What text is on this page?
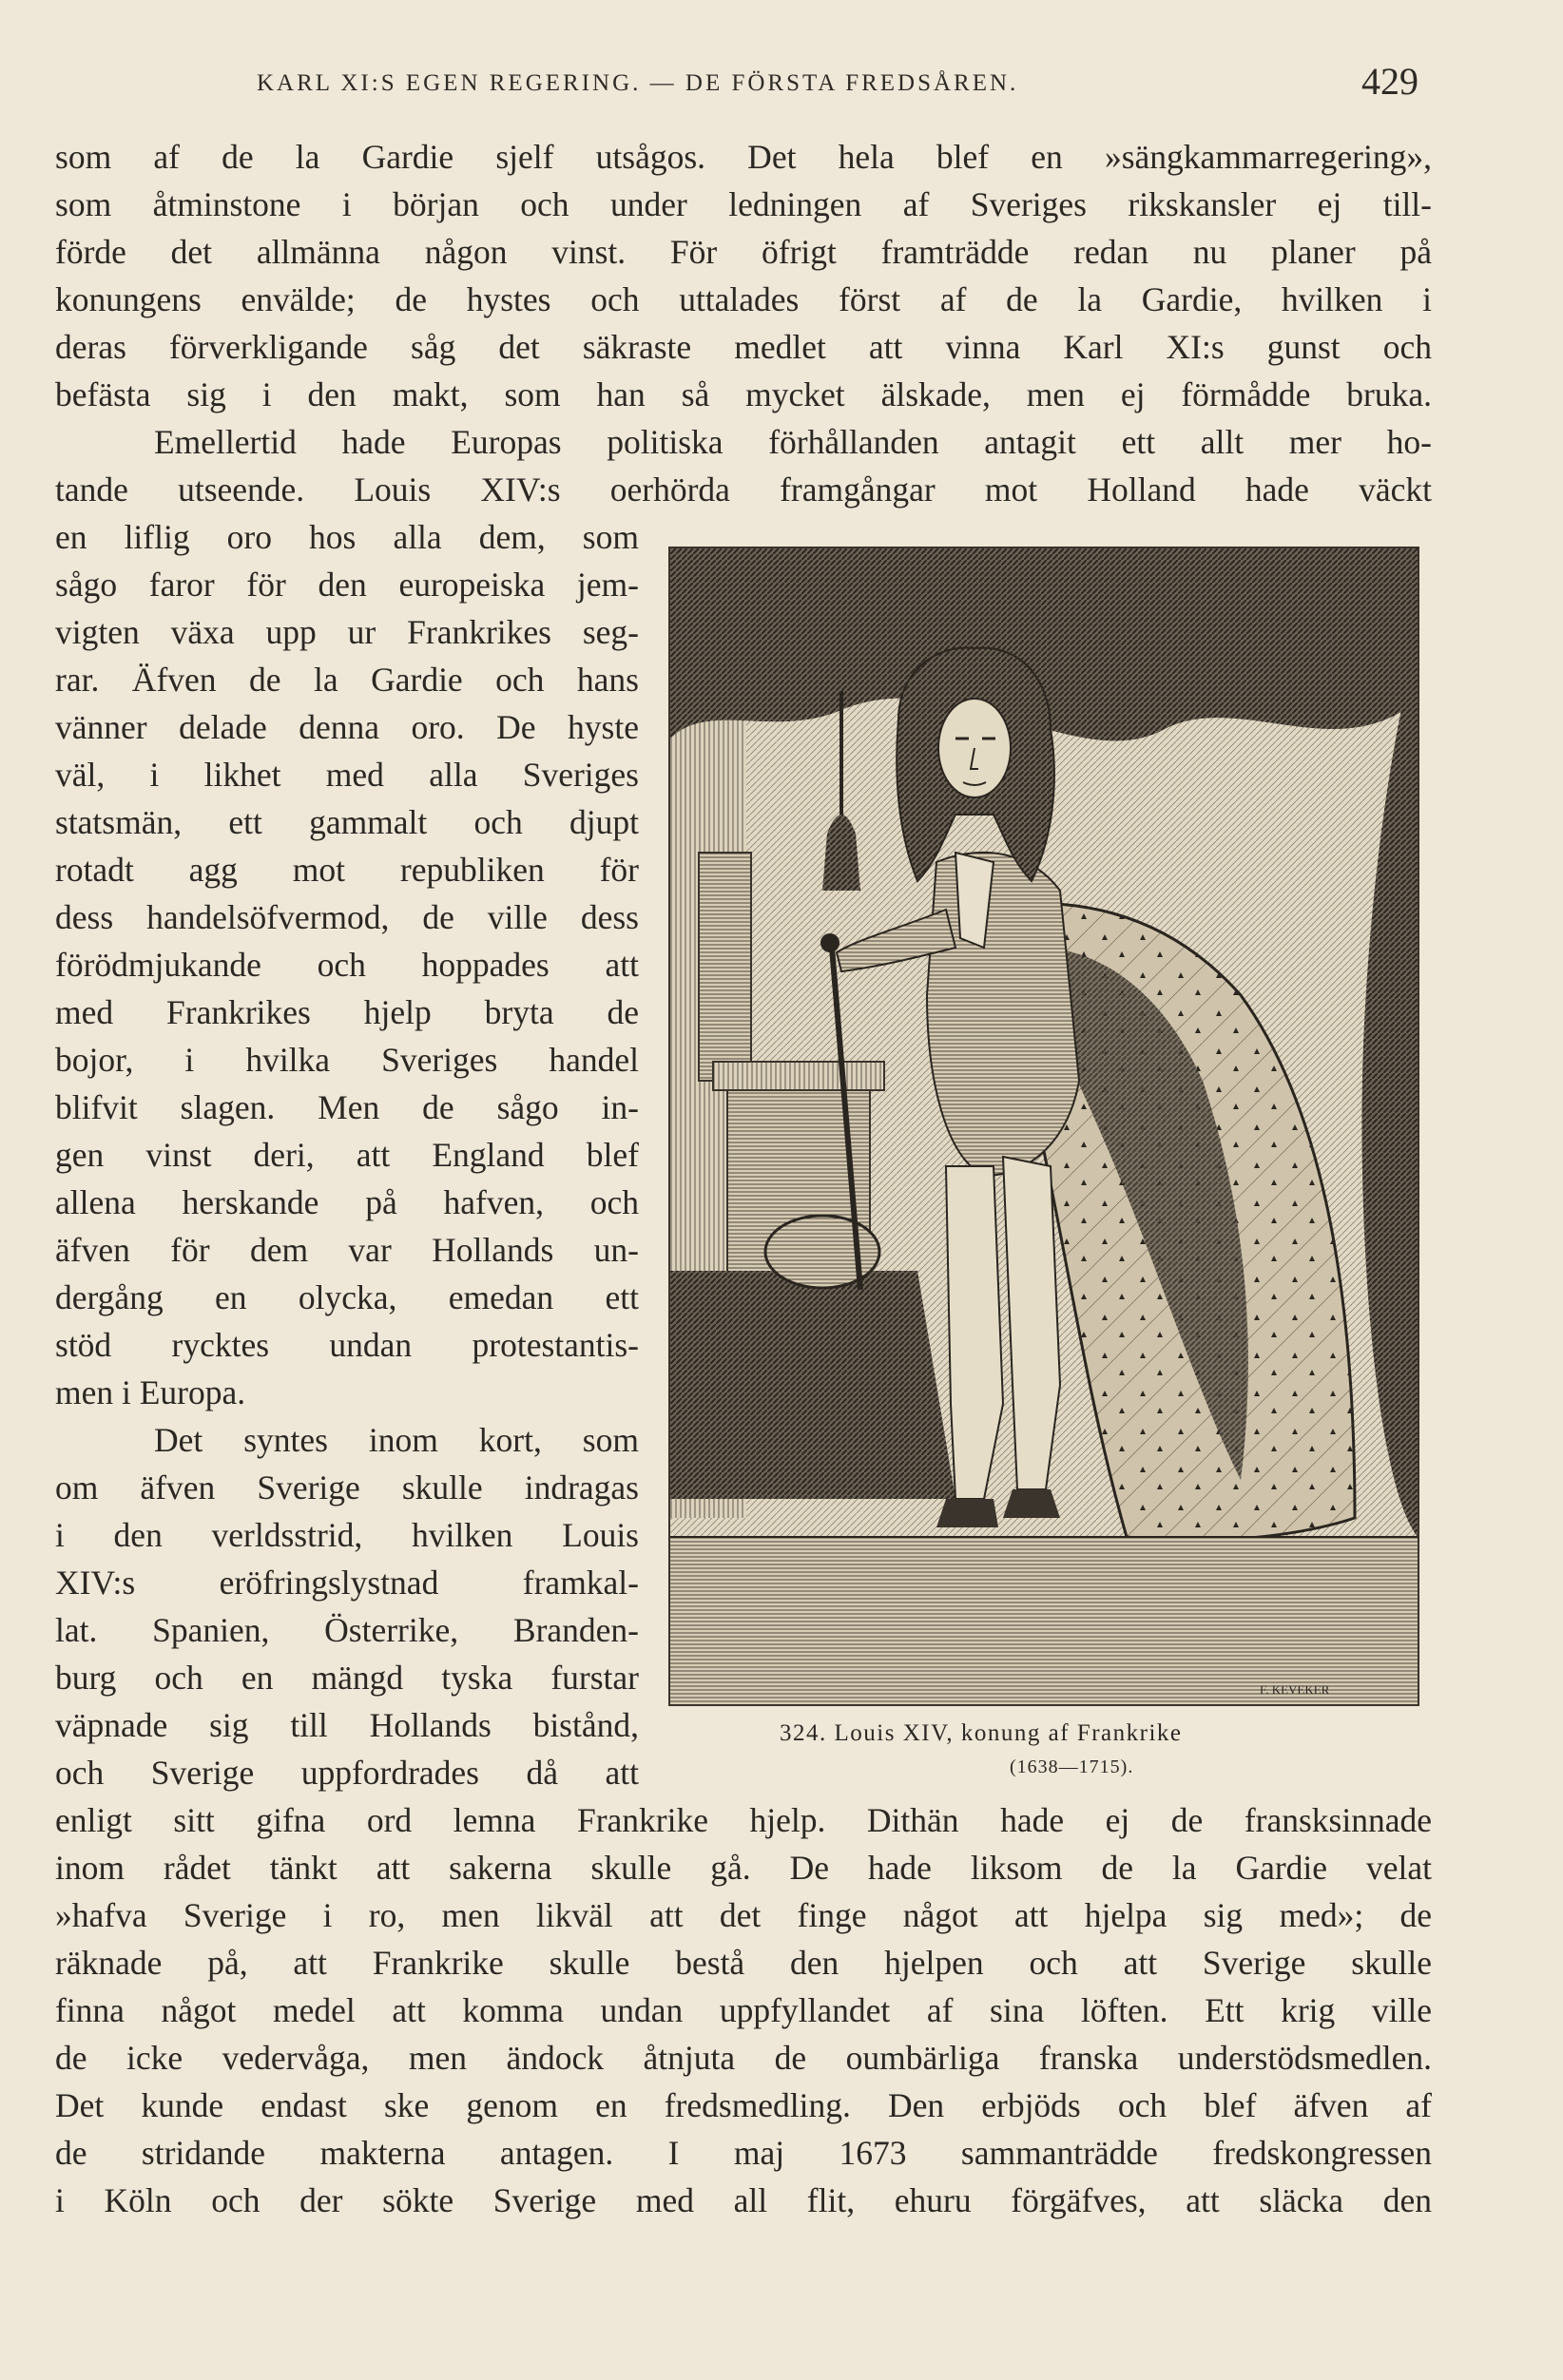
KARL XI:S EGEN REGERING. — DE FÖRSTA FREDSÅREN.	429
som af de la Gardie sjelf utsågos. Det hela blef en »sängkammarregering»,
som åtminstone i början och under ledningen af Sveriges rikskansler ej till-
förde det allmänna någon vinst. För öfrigt framträdde redan nu planer på
konungens envälde; de hystes och uttalades först af de la Gardie, hvilken i
deras förverkligande såg det säkraste medlet att vinna Karl XI:s gunst och
befästa sig i den makt, som han så mycket älskade, men ej förmådde bruka.
Emellertid hade Europas politiska förhållanden antagit ett allt mer ho-
tande utseende. Louis XIV:s oerhörda framgångar mot Holland hade väckt
en liflig oro hos alla dem, som
sågo faror för den europeiska jem-
vigten växa upp ur Frankrikes seg-
rar. Äfven de la Gardie och hans
vänner delade denna oro. De hyste
väl, i likhet med alla Sveriges
statsmän, ett gammalt och djupt
rotadt agg mot republiken för
dess handelsöfvermod, de ville dess
förödmjukande och hoppades att
med Frankrikes hjelp bryta de
bojor, i hvilka Sveriges handel
blifvit slagen. Men de sågo in-
gen vinst deri, att England blef
allena herskande på hafven, och
äfven för dem var Hollands un-
dergång en olycka, emedan ett
stöd rycktes undan protestantis-
men i Europa.
Det syntes inom kort, som
om äfven Sverige skulle indragas
i den verldsstrid, hvilken Louis
XIV:s eröfringslystnad framkal-
lat. Spanien, Österrike, Branden-
burg och en mängd tyska furstar
väpnade sig till Hollands bistånd,
och Sverige uppfordrades då att
enligt sitt gifna ord lemna Frankrike hjelp. Dithän hade ej de fransksinnade
inom rådet tänkt att sakerna skulle gå. De hade liksom de la Gardie velat
»hafva Sverige i ro, men likväl att det finge något att hjelpa sig med»; de
räknade på, att Frankrike skulle bestå den hjelpen och att Sverige skulle
finna något medel att komma undan uppfyllandet af sina löften. Ett krig ville
de icke vedervåga, men ändock åtnjuta de oumbärliga franska understödsmedlen.
Det kunde endast ske genom en fredsmedling. Den erbjöds och blef äfven af
de stridande makterna antagen. I maj 1673 sammanträdde fredskongressen
i Köln och der sökte Sverige med all flit, ehuru förgäfves, att släcka den
F. KEVEKER
324. Louis XIV, konung af Frankrike
(1638—1715).
